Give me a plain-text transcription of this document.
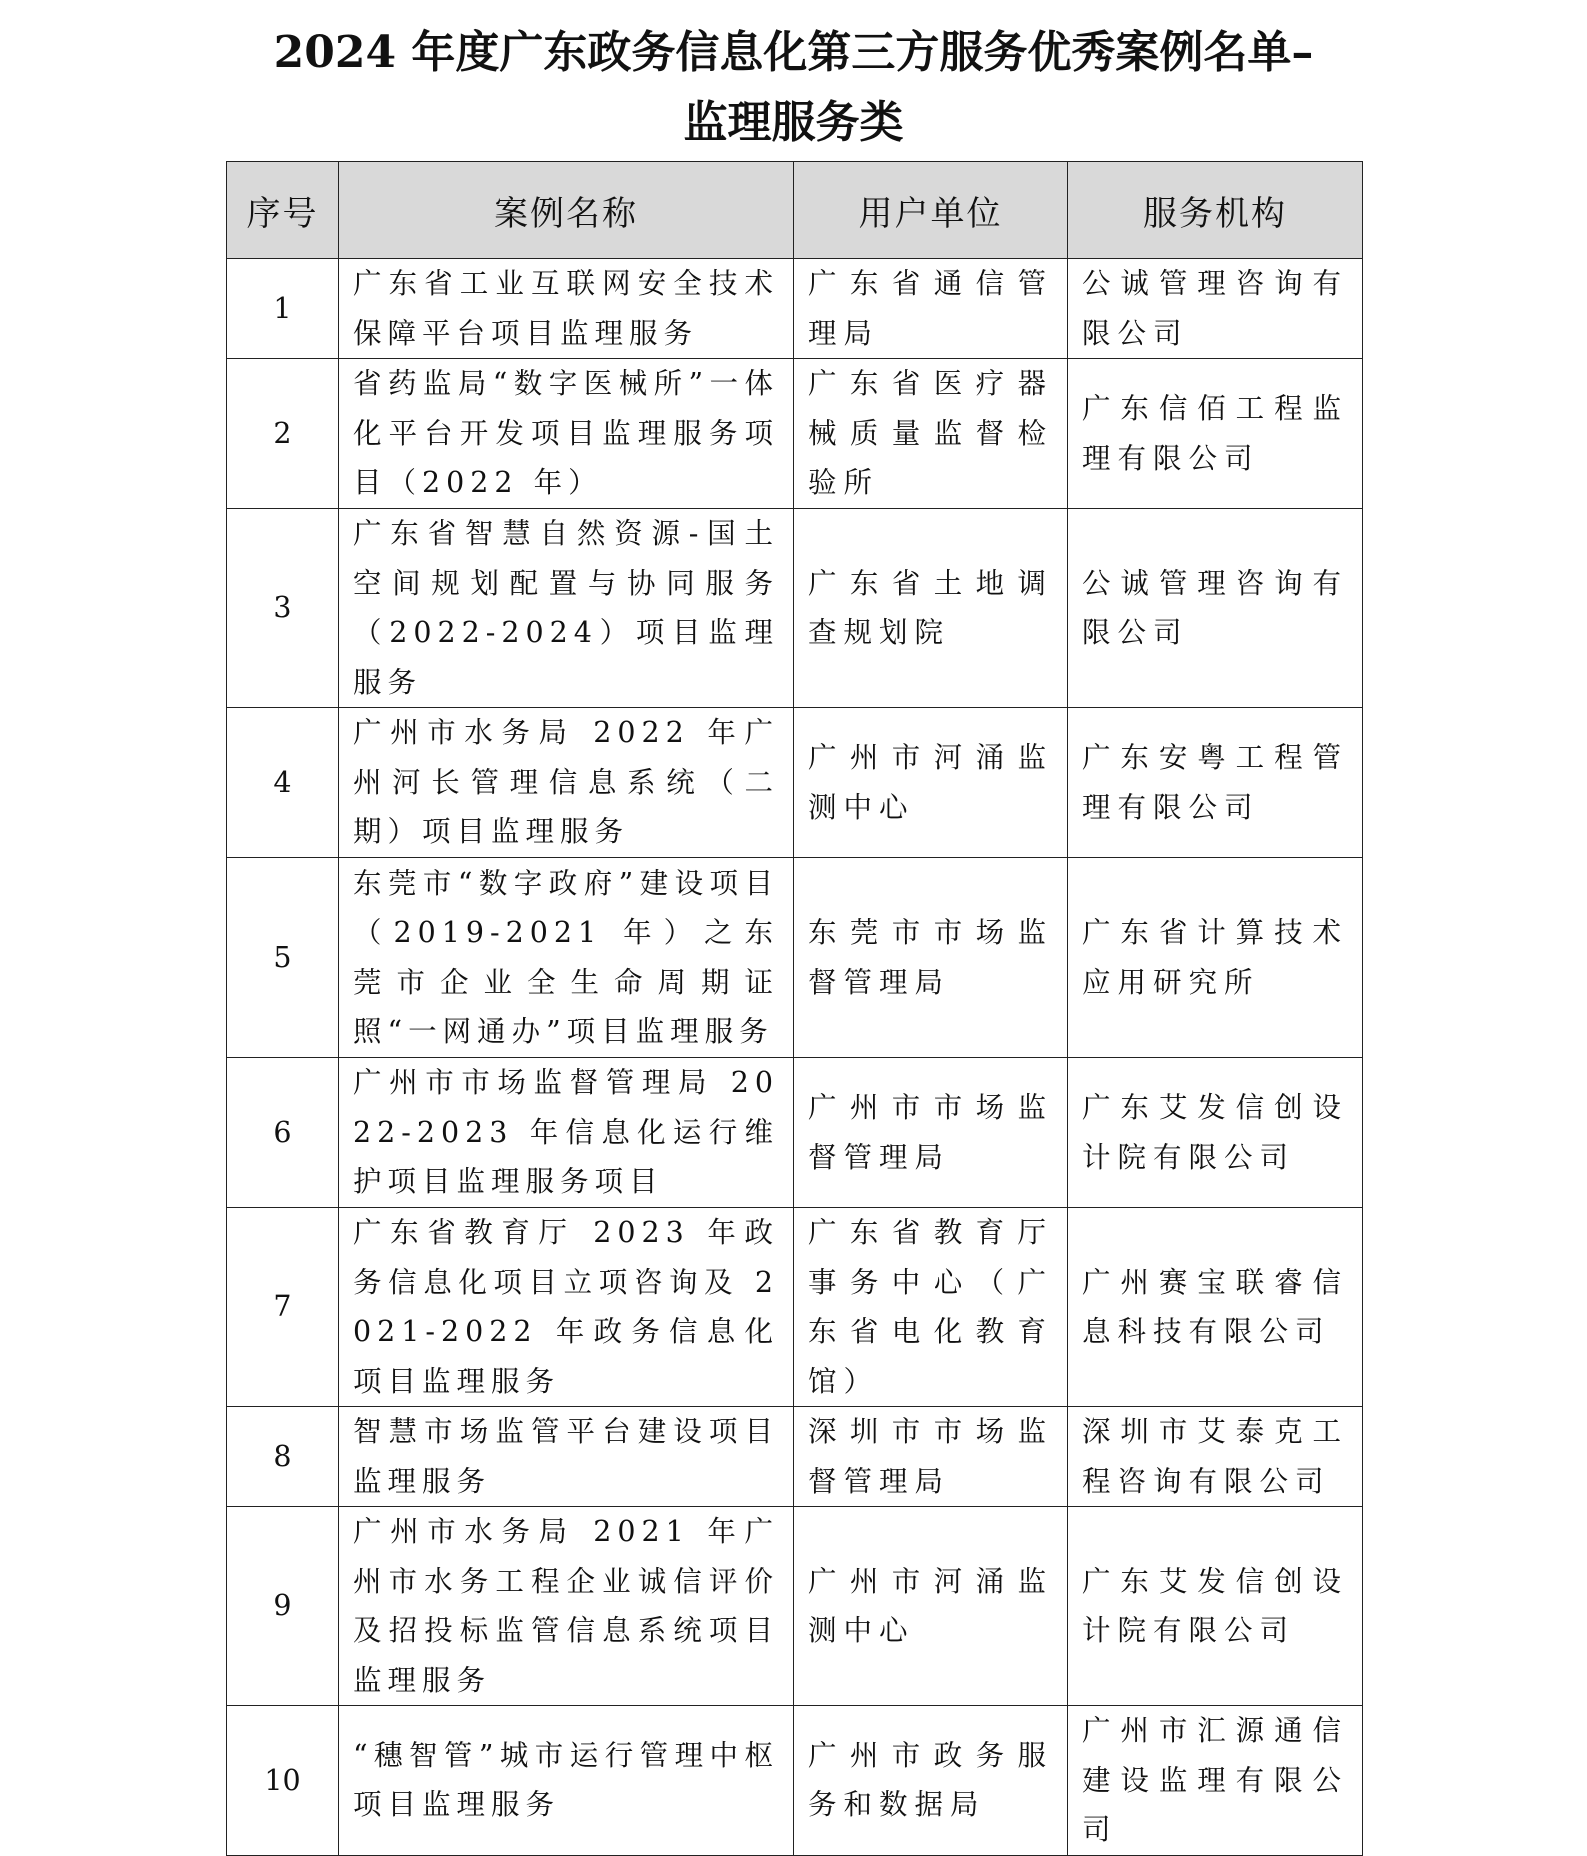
2024 年度广东政务信息化第三方服务优秀案例名单–
监理服务类
序号	案例名称	用户单位	服务机构
1	广东省工业互联网安全技术保障平台项目监理服务	广东省通信管理局	公诚管理咨询有限公司
2	省药监局“数字医械所”一体化平台开发项目监理服务项目（2022 年）	广东省医疗器械质量监督检验所	广东信佰工程监理有限公司
3	广东省智慧自然资源-国土空间规划配置与协同服务（2022-2024）项目监理服务	广东省土地调查规划院	公诚管理咨询有限公司
4	广州市水务局 2022 年广州河长管理信息系统（二期）项目监理服务	广州市河涌监测中心	广东安粤工程管理有限公司
5	东莞市“数字政府”建设项目（2019-2021 年）之东莞市企业全生命周期证照“一网通办”项目监理服务	东莞市市场监督管理局	广东省计算技术应用研究所
6	广州市市场监督管理局 2022-2023 年信息化运行维护项目监理服务项目	广州市市场监督管理局	广东艾发信创设计院有限公司
7	广东省教育厅 2023 年政务信息化项目立项咨询及 2021-2022 年政务信息化项目监理服务	广东省教育厅事务中心（广东省电化教育馆）	广州赛宝联睿信息科技有限公司
8	智慧市场监管平台建设项目监理服务	深圳市市场监督管理局	深圳市艾泰克工程咨询有限公司
9	广州市水务局 2021 年广州市水务工程企业诚信评价及招投标监管信息系统项目监理服务	广州市河涌监测中心	广东艾发信创设计院有限公司
10	“穗智管”城市运行管理中枢项目监理服务	广州市政务服务和数据局	广州市汇源通信建设监理有限公司
